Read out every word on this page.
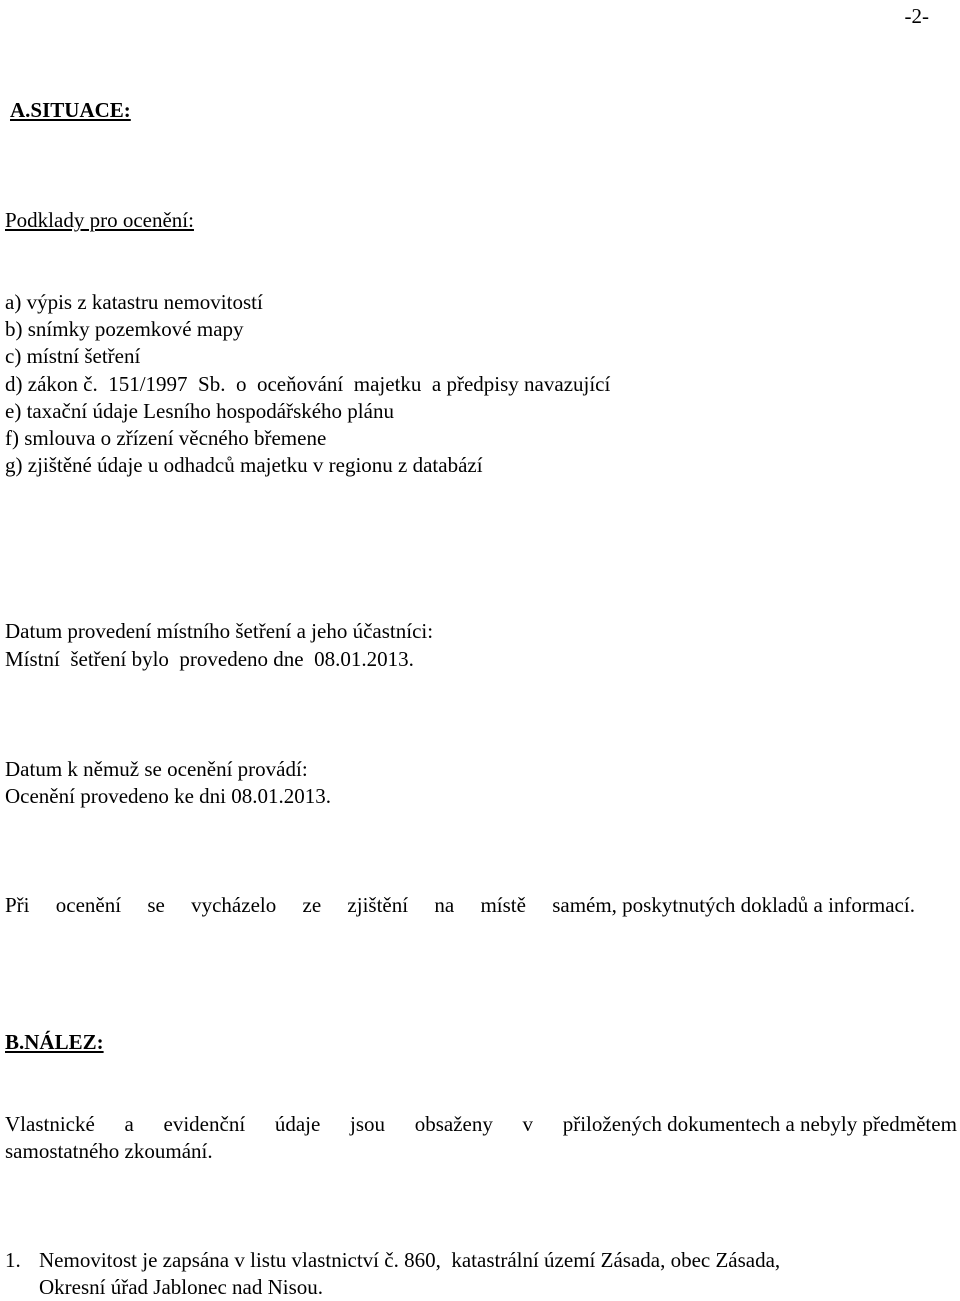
-2-
A.SITUACE:
Podklady pro ocenění:
a) výpis z katastru nemovitostí
b) snímky pozemkové mapy
c) místní šetření
d) zákon č.  151/1997  Sb.  o  oceňování  majetku  a předpisy navazující
e) taxační údaje Lesního hospodářského plánu
f) smlouva o zřízení věcného břemene
g) zjištěné údaje u odhadců majetku v regionu z databází
Datum provedení místního šetření a jeho účastníci:
Místní  šetření bylo  provedeno dne  08.01.2013.
Datum k němuž se ocenění provádí:
Ocenění provedeno ke dni 08.01.2013.
Při ocenění se vycházelo ze zjištění na místě samém, poskytnutých dokladů a informací.
B.NÁLEZ:
Vlastnické a evidenční údaje jsou obsaženy v přiložených dokumentech a nebyly předmětem
samostatného zkoumání.
1. Nemovitost je zapsána v listu vlastnictví č. 860,  katastrální území Zásada, obec Zásada,
Okresní úřad Jablonec nad Nisou.
